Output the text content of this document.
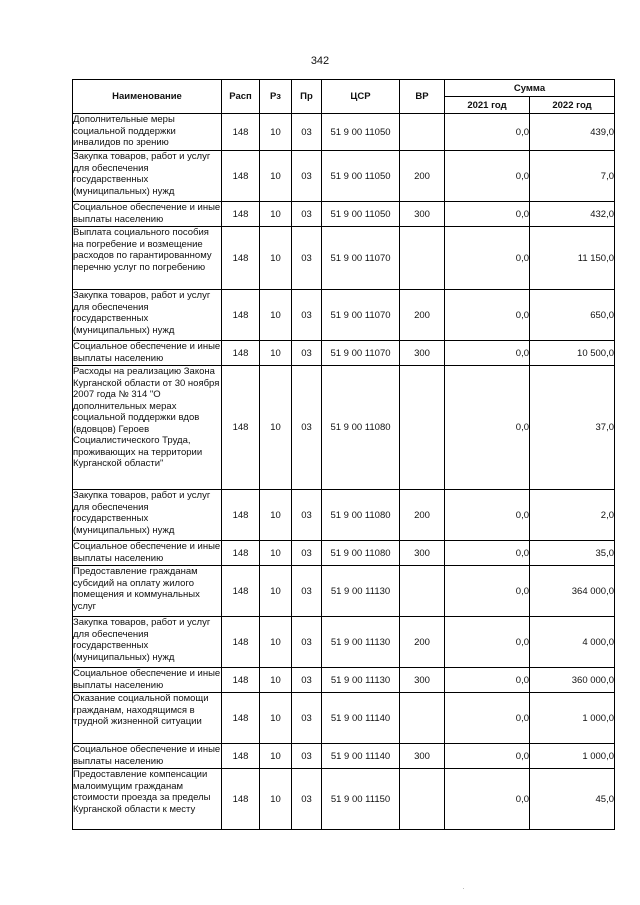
342
Наименование	Расп	Рз	Пр	ЦСР	ВР	Сумма	
						2021 год	2022 год
Дополнительные меры социальной поддержки инвалидов по зрению	148	10	03	51 9 00 11050		0,0	439,0
Закупка товаров, работ и услуг для обеспечения государственных (муниципальных) нужд	148	10	03	51 9 00 11050	200	0,0	7,0
Социальное обеспечение и иные выплаты населению	148	10	03	51 9 00 11050	300	0,0	432,0
Выплата социального пособия на погребение и возмещение расходов по гарантированному перечню услуг по погребению	148	10	03	51 9 00 11070		0,0	11 150,0
Закупка товаров, работ и услуг для обеспечения государственных (муниципальных) нужд	148	10	03	51 9 00 11070	200	0,0	650,0
Социальное обеспечение и иные выплаты населению	148	10	03	51 9 00 11070	300	0,0	10 500,0
Расходы на реализацию Закона Курганской области от 30 ноября 2007 года № 314 "О дополнительных мерах социальной поддержки вдов (вдовцов) Героев Социалистического Труда, проживающих на территории Курганской области"	148	10	03	51 9 00 11080		0,0	37,0
Закупка товаров, работ и услуг для обеспечения государственных (муниципальных) нужд	148	10	03	51 9 00 11080	200	0,0	2,0
Социальное обеспечение и иные выплаты населению	148	10	03	51 9 00 11080	300	0,0	35,0
Предоставление гражданам субсидий на оплату жилого помещения и коммунальных услуг	148	10	03	51 9 00 11130		0,0	364 000,0
Закупка товаров, работ и услуг для обеспечения государственных (муниципальных) нужд	148	10	03	51 9 00 11130	200	0,0	4 000,0
Социальное обеспечение и иные выплаты населению	148	10	03	51 9 00 11130	300	0,0	360 000,0
Оказание социальной помощи гражданам, находящимся в трудной жизненной ситуации	148	10	03	51 9 00 11140		0,0	1 000,0
Социальное обеспечение и иные выплаты населению	148	10	03	51 9 00 11140	300	0,0	1 000,0
Предоставление компенсации малоимущим гражданам стоимости проезда за пределы Курганской области к месту	148	10	03	51 9 00 11150		0,0	45,0
